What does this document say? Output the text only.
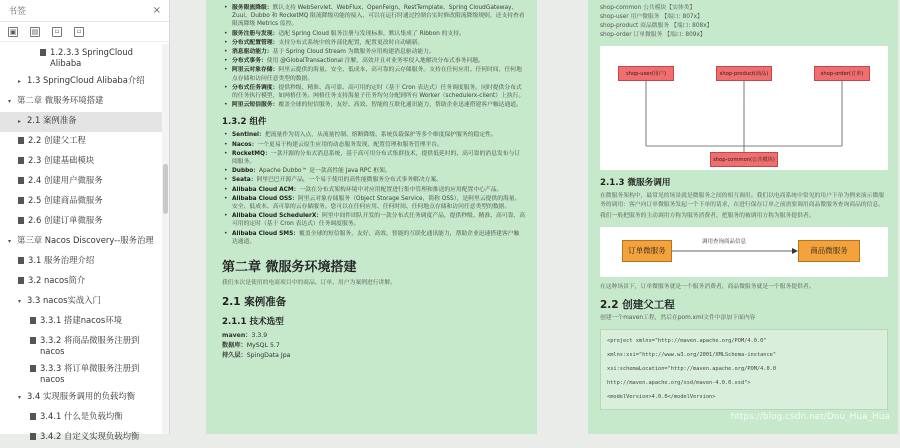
书签	×
▣ ▤	⌑	⌑
1.2.3.3 SpringCloud Alibaba
▸ 1.3 SpringCloud Alibaba介绍
▾ 第二章 微服务环境搭建
▸ 2.1 案例准备
2.2 创建父工程
2.3 创建基础模块
2.4 创建用户微服务
2.5 创建商品微服务
2.6 创建订单微服务
▾ 第三章 Nacos Discovery--服务治理
3.1 服务治理介绍
3.2 nacos简介
▾ 3.3 nacos实战入门
3.3.1 搭建nacos环境
3.3.2 将商品微服务注册到nacos
3.3.3 将订单微服务注册到nacos
▾ 3.4 实现服务调用的负载均衡
3.4.1 什么是负载均衡
3.4.2 自定义实现负载均衡
• 服务限流降级：默认支持 WebServlet、WebFlux、OpenFeign、RestTemplate、Spring CloudGateway、Zuul、Dubbo 和 RocketMQ 限流降级功能的接入，可以在运行时通过控制台实时修改限流降级规则，还支持查看限流降级 Metrics 监控。
• 服务注册与发现：适配 Spring Cloud 服务注册与发现标准，默认集成了 Ribbon 的支持。
• 分布式配置管理：支持分布式系统中的外部化配置，配置更改时自动刷新。
• 消息驱动能力：基于 Spring Cloud Stream 为微服务应用构建消息驱动能力。
• 分布式事务：使用 @GlobalTransactional 注解，高效并且对业务零侵入地解决分布式事务问题。
• 阿里云对象存储：阿里云提供的海量、安全、低成本、高可靠的云存储服务。支持在任何应用、任何时间、任何地点存储和访问任意类型的数据。
• 分布式任务调度：提供秒级、精准、高可靠、高可用的定时（基于 Cron 表达式）任务调度服务。同时提供分布式的任务执行模型，如网格任务。网格任务支持海量子任务均匀分配到所有 Worker（schedulerx-client）上执行。
• 阿里云短信服务：覆盖全球的短信服务，友好、高效、智能的互联化通讯能力，帮助企业迅速搭建客户触达通道。
1.3.2 组件
• Sentinel：把流量作为切入点，从流量控制、熔断降级、系统负载保护等多个维度保护服务的稳定性。
• Nacos：一个更易于构建云原生应用的动态服务发现、配置管理和服务管理平台。
• RocketMQ：一款开源的分布式消息系统，基于高可用分布式集群技术，提供低延时的、高可靠的消息发布与订阅服务。
• Dubbo：Apache Dubbo™ 是一款高性能 Java RPC 框架。
• Seata：阿里巴巴开源产品，一个易于使用的高性能微服务分布式事务解决方案。
• Alibaba Cloud ACM：一款在分布式架构环境中对应用配置进行集中管理和推送的应用配置中心产品。
• Alibaba Cloud OSS：阿里云对象存储服务（Object Storage Service，简称 OSS），是阿里云提供的海量、安全、低成本、高可靠的云存储服务。您可以在任何应用、任何时间、任何地点存储和访问任意类型的数据。
• Alibaba Cloud SchedulerX：阿里中间件团队开发的一款分布式任务调度产品，提供秒级、精准、高可靠、高可用的定时（基于 Cron 表达式）任务调度服务。
• Alibaba Cloud SMS：覆盖全球的短信服务，友好、高效、智能的互联化通讯能力，帮助企业迅速搭建客户触达通道。
第二章 微服务环境搭建

我们本次是使用的电商项目中的商品、订单、用户为案例进行讲解。

2.1 案例准备
2.1.1 技术选型
maven：3.3.9
数据库：MySQL 5.7
持久层：SpingData Jpa
shop-common 公共模块【实体类】
shop-user 用户微服务 【端口: 807x】
shop-product 商品微服务 【端口: 808x】
shop-order 订单微服务 【端口: 809x】
shop-user(用户)	shop-product(商品)	shop-order(订单)
shop-common(公共模块)
2.1.3 微服务调用

在微服务架构中，最常见的场景就是微服务之间的相互调用。我们以电商系统中常见的用户下单为例来演示微服务的调用：客户向订单微服务发起一个下单的请求，在进行保存订单之前需要调用商品微服务查询商品的信息。

我们一般把服务的主动调用方称为服务消费者，把服务的被调用方称为服务提供者。

订单微服务
调用查询商品信息
商品微服务

在这种场景下，订单微服务就是一个服务消费者，商品微服务就是一个服务提供者。

2.2 创建父工程

创建一个maven工程，然后在pom.xml文件中添加下面内容

<project xmlns="http://maven.apache.org/POM/4.0.0"
xmlns:xsi="http://www.w3.org/2001/XMLSchema-instance"
xsi:schemaLocation="http://maven.apache.org/POM/4.0.0
http://maven.apache.org/xsd/maven-4.0.0.xsd">
<modelVersion>4.0.0</modelVersion>
https://blog.csdn.net/Dou_Hua_Hua
